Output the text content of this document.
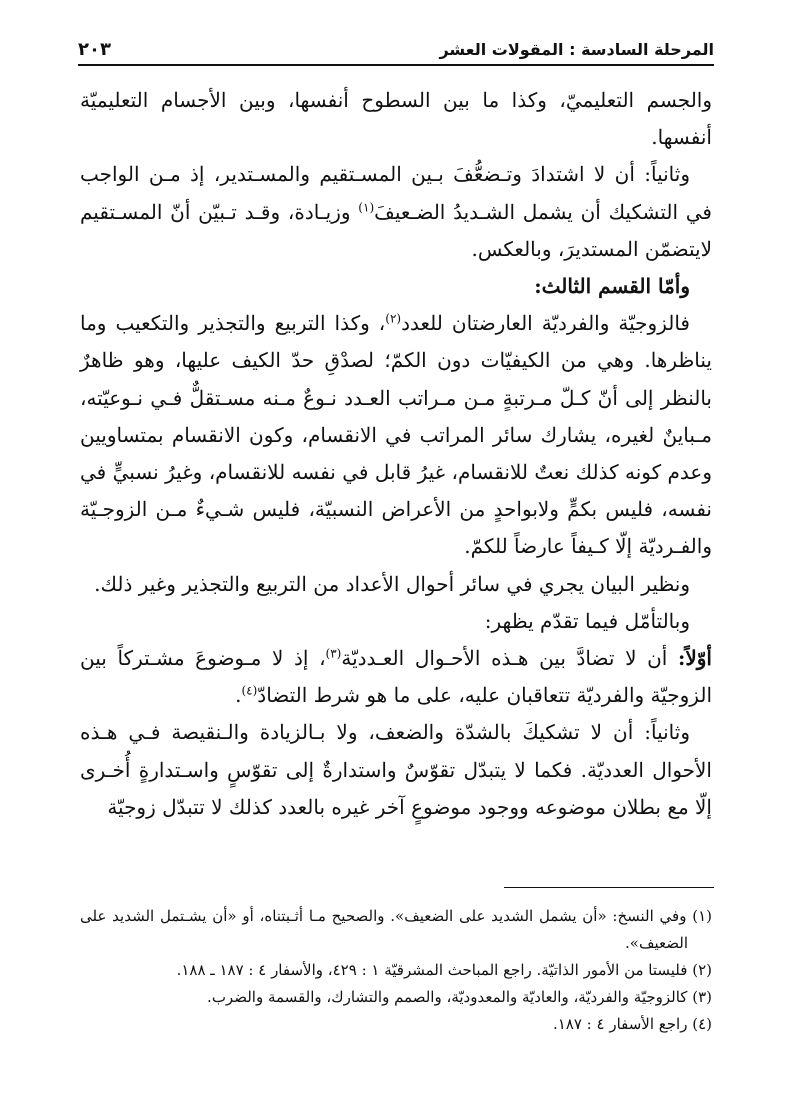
المرحلة السادسة : المقولات العشر
٢٠٣

والجسم التعليميّ، وكذا ما بين السطوح أنفسها، وبين الأجسام التعليميّة أنفسها.

وثانياً: أن لا اشتدادَ وتـضعُّفَ بـين المسـتقيم والمسـتدير، إذ مـن الواجب في التشكيك أن يشمل الشـديدُ الضـعيفَ$^{(١)}$ وزيـادة، وقـد تـبيّن أنّ المسـتقيم لايتضمّن المستديرَ، وبالعكس.

وأمّا القسم الثالث:

فالزوجيّة والفرديّة العارضتان للعدد$^{(٢)}$، وكذا التربيع والتجذير والتكعيب وما يناظرها. وهي من الكيفيّات دون الكمّ؛ لصدْقِ حدّ الكيف عليها، وهو ظاهرٌ بالنظر إلى أنّ كـلّ مـرتبةٍ مـن مـراتب العـدد نـوعٌ مـنه مسـتقلٌّ فـي نـوعيّته، مـباينٌ لغيره، يشارك سائر المراتب في الانقسام، وكون الانقسام بمتساويين وعدم كونه كذلك نعتٌ للانقسام، غيرُ قابل في نفسه للانقسام، وغيرُ نسبيٍّ في نفسه، فليس بكمٍّ ولابواحدٍ من الأعراض النسبيّة، فليس شـيءٌ مـن الزوجـيّة والفـرديّة إلّا كـيفاً عارضاً للكمّ.

ونظير البيان يجري في سائر أحوال الأعداد من التربيع والتجذير وغير ذلك.

وبالتأمّل فيما تقدّم يظهر:

أوّلاً: أن لا تضادَّ بين هـذه الأحـوال العـدديّة$^{(٣)}$، إذ لا مـوضوعَ مشـتركاً بين الزوجيّة والفرديّة تتعاقبان عليه، على ما هو شرط التضادّ$^{(٤)}$.

وثانياً: أن لا تشكيكَ بالشدّة والضعف، ولا بـالزيادة والـنقيصة فـي هـذه الأحوال العدديّة. فكما لا يتبدّل تقوّسٌ واستدارةٌ إلى تقوّسٍ واسـتدارةٍ أُخـرى إلّا مع بطلان موضوعه ووجود موضوعٍ آخر غيره بالعدد كذلك لا تتبدّل زوجيّة

(١) وفي النسخ: «أن يشمل الشديد على الضعيف». والصحيح مـا أثـبتناه، أو «أن يشـتمل الشديد على الضعيف».

(٢) فليستا من الأمور الذاتيّة. راجع المباحث المشرقيّة ١ : ٤٢٩، والأسفار ٤ : ١٨٧ ـ ١٨٨.

(٣) كالزوجيّة والفرديّة، والعاديّة والمعدوديّة، والصمم والتشارك، والقسمة والضرب.

(٤) راجع الأسفار ٤ : ١٨٧.
